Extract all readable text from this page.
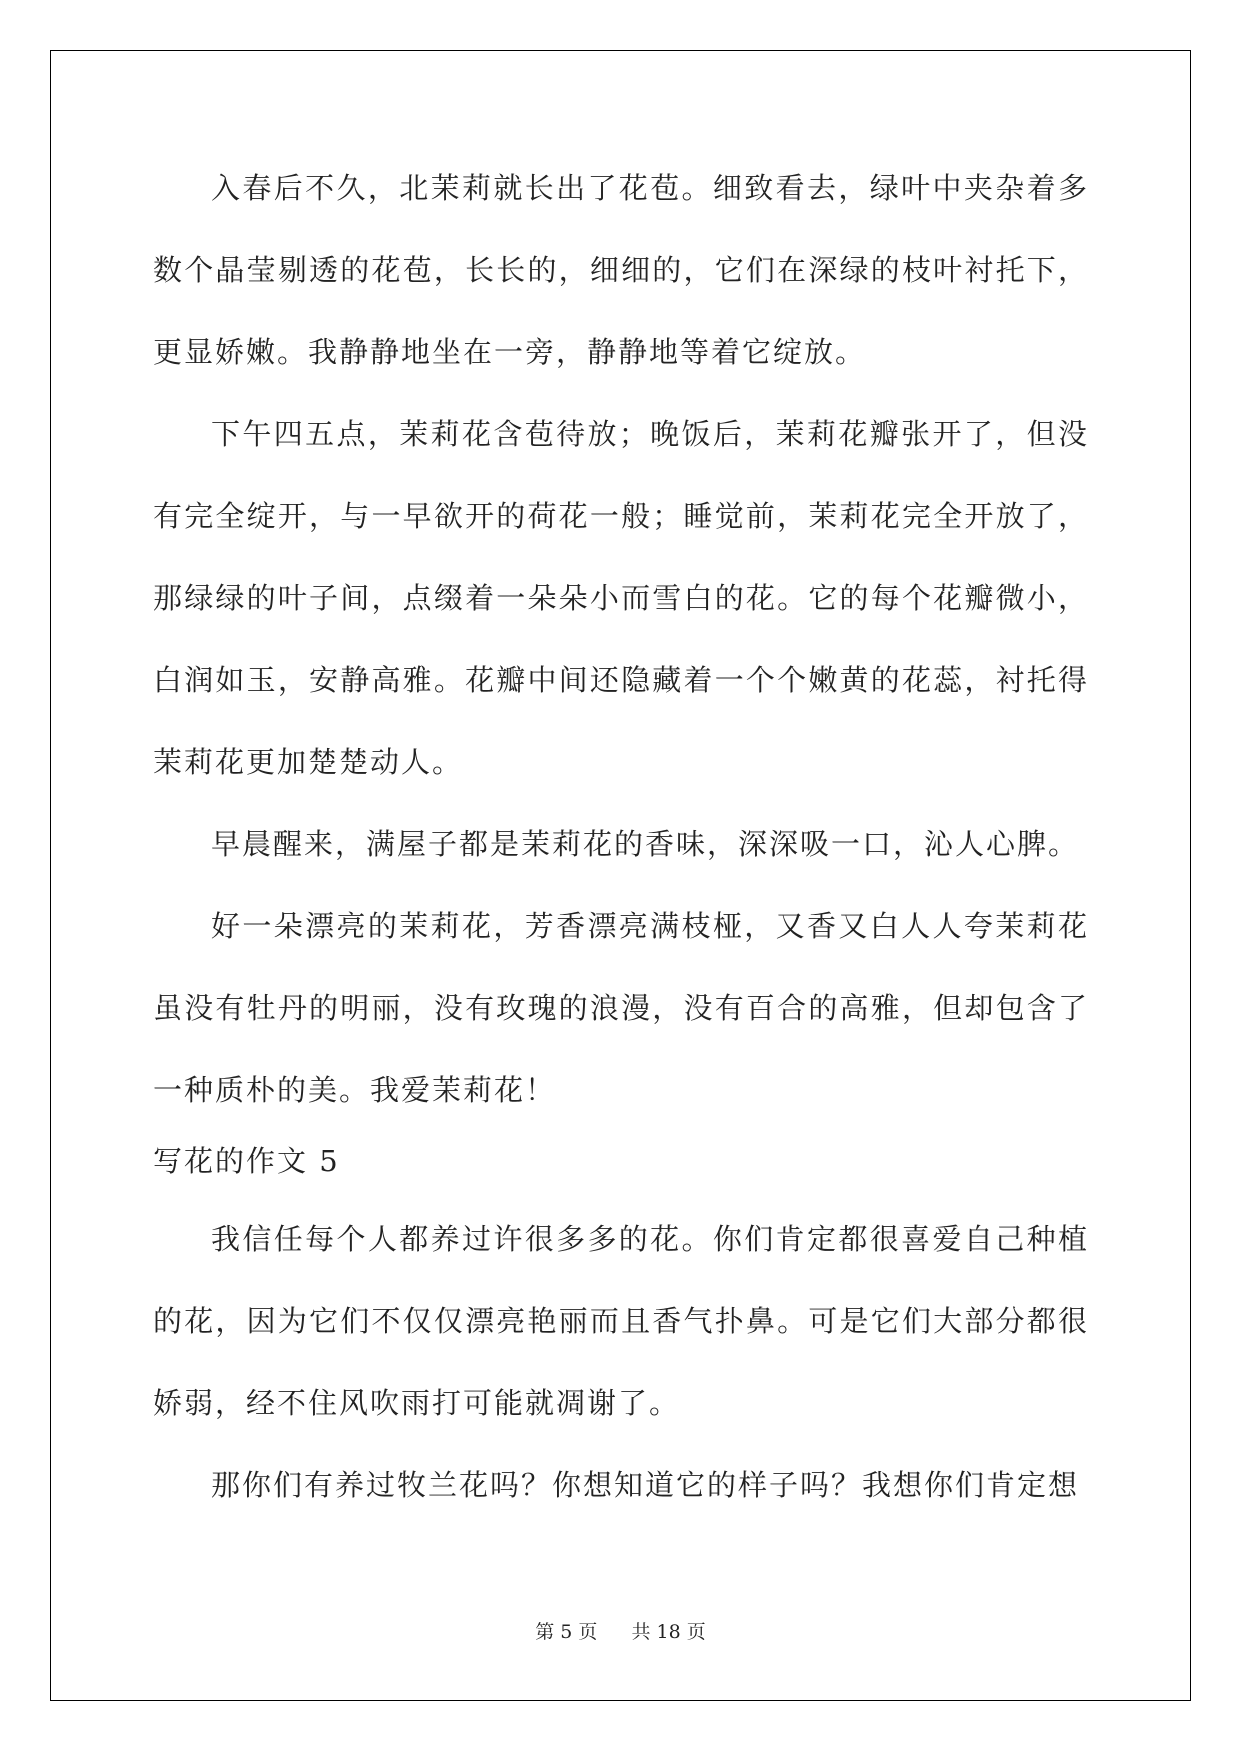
入春后不久，北茉莉就长出了花苞。细致看去，绿叶中夹杂着多数个晶莹剔透的花苞，长长的，细细的，它们在深绿的枝叶衬托下，更显娇嫩。我静静地坐在一旁，静静地等着它绽放。

下午四五点，茉莉花含苞待放；晚饭后，茉莉花瓣张开了，但没有完全绽开，与一早欲开的荷花一般；睡觉前，茉莉花完全开放了，那绿绿的叶子间，点缀着一朵朵小而雪白的花。它的每个花瓣微小，白润如玉，安静高雅。花瓣中间还隐藏着一个个嫩黄的花蕊，衬托得茉莉花更加楚楚动人。

早晨醒来，满屋子都是茉莉花的香味，深深吸一口，沁人心脾。

好一朵漂亮的茉莉花，芳香漂亮满枝桠，又香又白人人夸茉莉花虽没有牡丹的明丽，没有玫瑰的浪漫，没有百合的高雅，但却包含了一种质朴的美。我爱茉莉花！

写花的作文 5

我信任每个人都养过许很多多的花。你们肯定都很喜爱自己种植的花，因为它们不仅仅漂亮艳丽而且香气扑鼻。可是它们大部分都很娇弱，经不住风吹雨打可能就凋谢了。

那你们有养过牧兰花吗？你想知道它的样子吗？我想你们肯定想

第 5 页 共 18 页
